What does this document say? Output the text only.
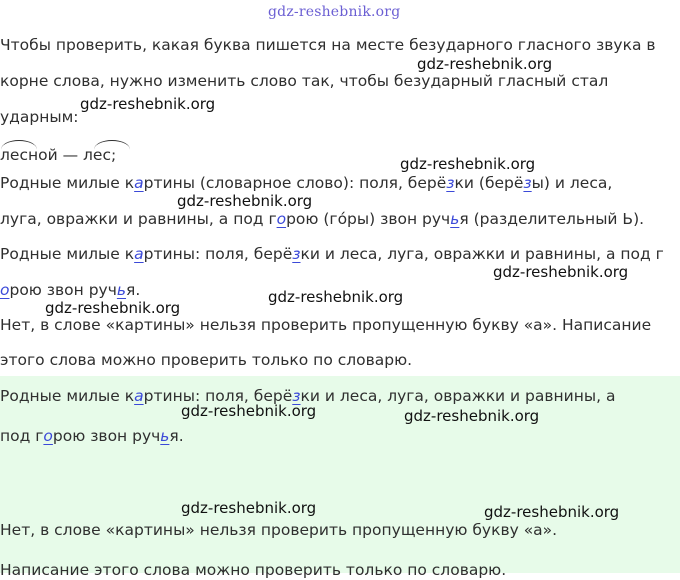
Чтобы проверить, какая буква пишется на месте безударного гласного звука в
корне слова, нужно изменить слово так, чтобы безударный гласный стал
ударным:
лесной — лес;
Родные милые картины (словарное слово): поля, берёзки (берёзы) и леса,
луга, овражки и равнины, а под горою (гóры) звон ручья (разделительный Ь).
Родные милые картины: поля, берёзки и леса, луга, овражки и равнины, а под г
орою звон ручья.
Нет, в слове «картины» нельзя проверить пропущенную букву «а». Написание
этого слова можно проверить только по словарю.
Родные милые картины: поля, берёзки и леса, луга, овражки и равнины, а
под горою звон ручья.
Нет, в слове «картины» нельзя проверить пропущенную букву «а».
Написание этого слова можно проверить только по словарю.
gdz-reshebnik.org
gdz-reshebnik.org
gdz-reshebnik.org
gdz-reshebnik.org
gdz-reshebnik.org
gdz-reshebnik.org
gdz-reshebnik.org
gdz-reshebnik.org
gdz-reshebnik.org	gdz-reshebnik.org
gdz-reshebnik.org	gdz-reshebnik.org
